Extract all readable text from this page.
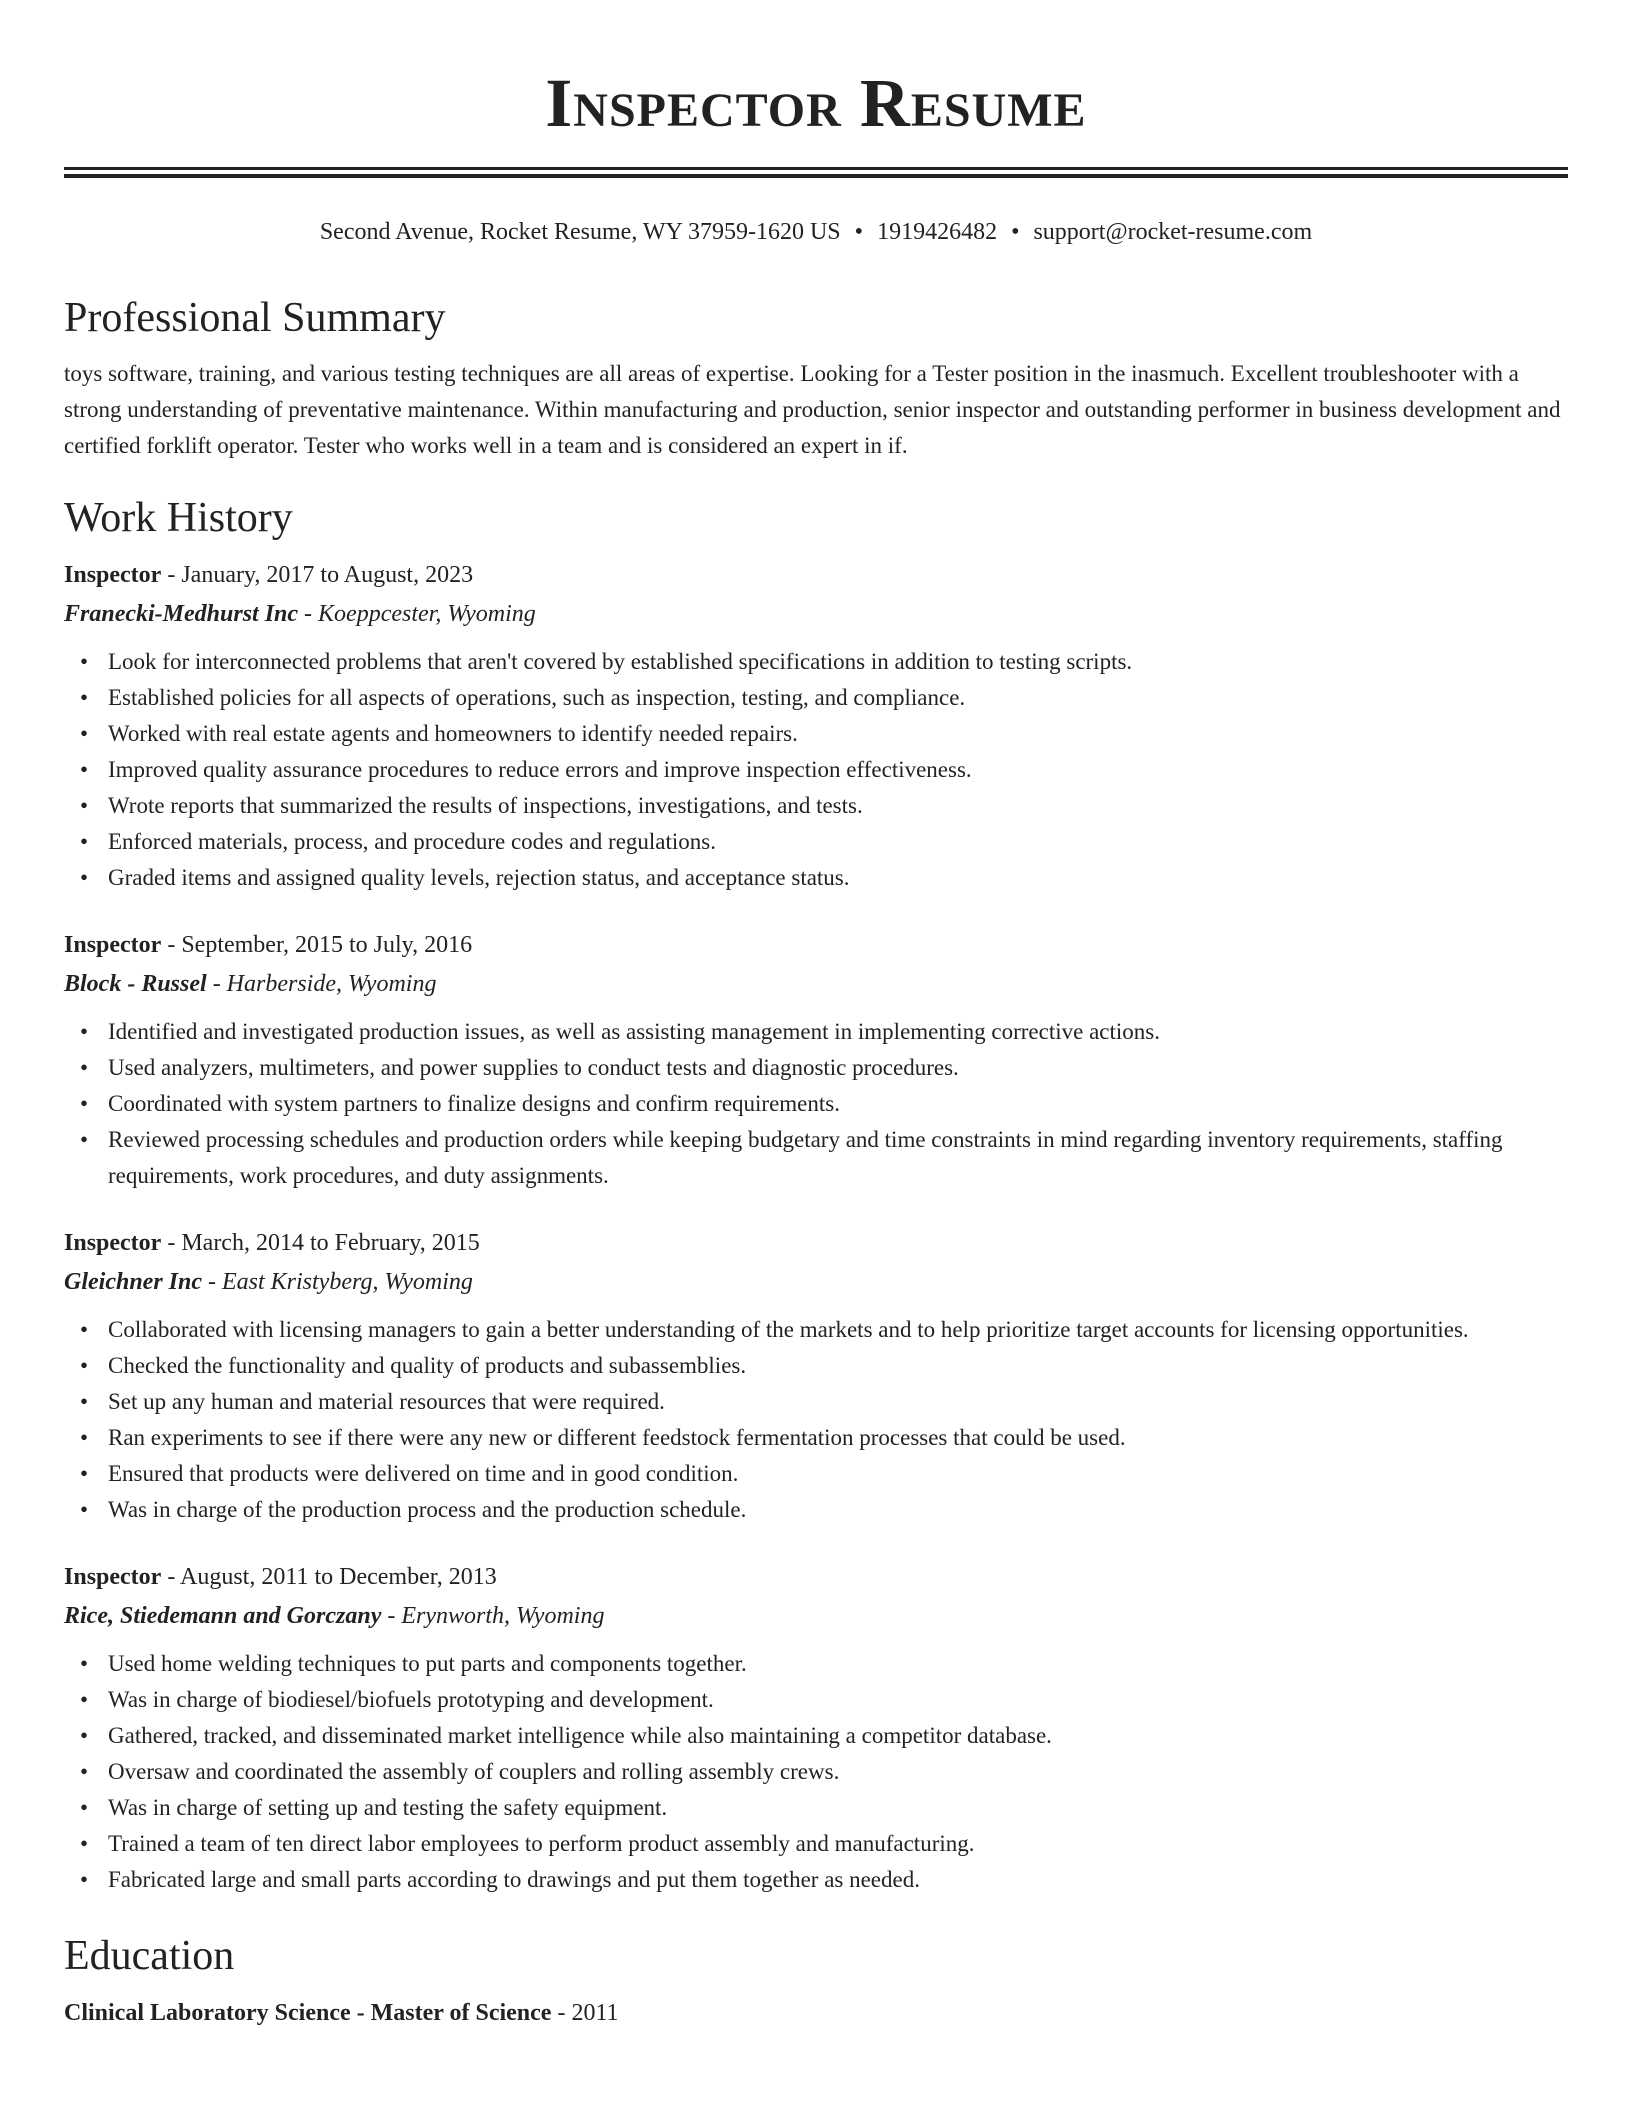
Inspector Resume
Second Avenue, Rocket Resume, WY 37959-1620 US • 1919426482 • support@rocket-resume.com
Professional Summary

toys software, training, and various testing techniques are all areas of expertise. Looking for a Tester position in the inasmuch. Excellent troubleshooter with a strong understanding of preventative maintenance. Within manufacturing and production, senior inspector and outstanding performer in business development and certified forklift operator. Tester who works well in a team and is considered an expert in if.

Work History
Inspector - January, 2017 to August, 2023
Franecki-Medhurst Inc - Koeppcester, Wyoming
• Look for interconnected problems that aren't covered by established specifications in addition to testing scripts.
• Established policies for all aspects of operations, such as inspection, testing, and compliance.
• Worked with real estate agents and homeowners to identify needed repairs.
• Improved quality assurance procedures to reduce errors and improve inspection effectiveness.
• Wrote reports that summarized the results of inspections, investigations, and tests.
• Enforced materials, process, and procedure codes and regulations.
• Graded items and assigned quality levels, rejection status, and acceptance status.
Inspector - September, 2015 to July, 2016
Block - Russel - Harberside, Wyoming
• Identified and investigated production issues, as well as assisting management in implementing corrective actions.
• Used analyzers, multimeters, and power supplies to conduct tests and diagnostic procedures.
• Coordinated with system partners to finalize designs and confirm requirements.
• Reviewed processing schedules and production orders while keeping budgetary and time constraints in mind regarding inventory requirements, staffing requirements, work procedures, and duty assignments.
Inspector - March, 2014 to February, 2015
Gleichner Inc - East Kristyberg, Wyoming
• Collaborated with licensing managers to gain a better understanding of the markets and to help prioritize target accounts for licensing opportunities.
• Checked the functionality and quality of products and subassemblies.
• Set up any human and material resources that were required.
• Ran experiments to see if there were any new or different feedstock fermentation processes that could be used.
• Ensured that products were delivered on time and in good condition.
• Was in charge of the production process and the production schedule.
Inspector - August, 2011 to December, 2013
Rice, Stiedemann and Gorczany - Erynworth, Wyoming
• Used home welding techniques to put parts and components together.
• Was in charge of biodiesel/biofuels prototyping and development.
• Gathered, tracked, and disseminated market intelligence while also maintaining a competitor database.
• Oversaw and coordinated the assembly of couplers and rolling assembly crews.
• Was in charge of setting up and testing the safety equipment.
• Trained a team of ten direct labor employees to perform product assembly and manufacturing.
• Fabricated large and small parts according to drawings and put them together as needed.
Education
Clinical Laboratory Science - Master of Science - 2011
